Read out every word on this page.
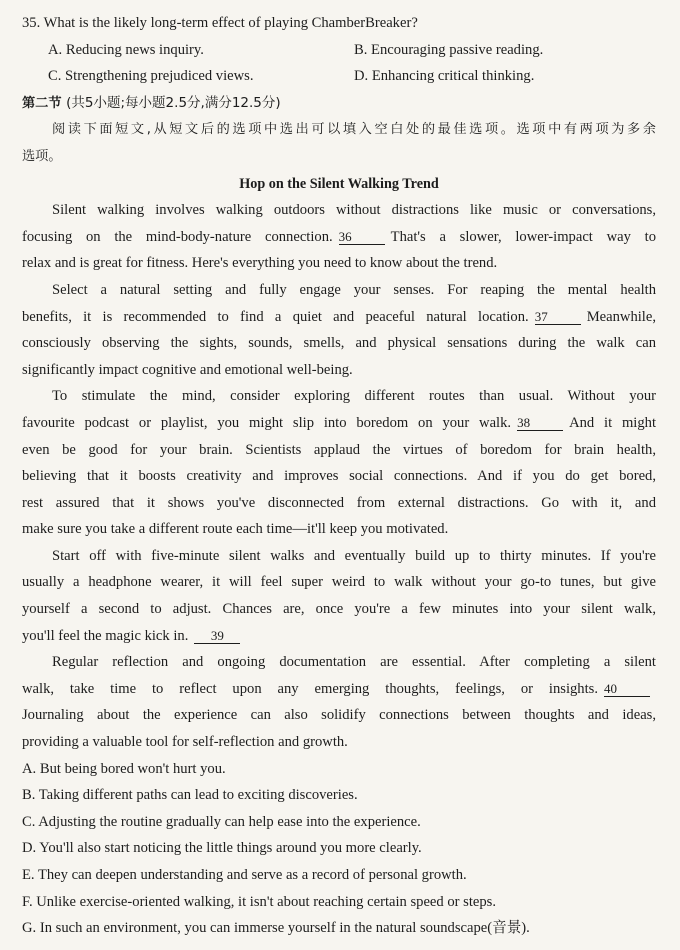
35. What is the likely long-term effect of playing ChamberBreaker?
A. Reducing news inquiry.	B. Encouraging passive reading.
C. Strengthening prejudiced views.	D. Enhancing critical thinking.
第二节 (共5小题;每小题2.5分,满分12.5分)
阅读下面短文,从短文后的选项中选出可以填入空白处的最佳选项。选项中有两项为多余
选项。
Hop on the Silent Walking Trend
Silent walking involves walking outdoors without distractions like music or conversations,
focusing on the mind-body-nature connection. 36	That's a slower, lower-impact way to
relax and is great for fitness. Here's everything you need to know about the trend.
Select a natural setting and fully engage your senses. For reaping the mental health
benefits, it is recommended to find a quiet and peaceful natural location. 37	Meanwhile,
consciously observing the sights, sounds, smells, and physical sensations during the walk can
significantly impact cognitive and emotional well-being.
To stimulate the mind, consider exploring different routes than usual. Without your
favourite podcast or playlist, you might slip into boredom on your walk. 38	And it might
even be good for your brain. Scientists applaud the virtues of boredom for brain health,
believing that it boosts creativity and improves social connections. And if you do get bored,
rest assured that it shows you've disconnected from external distractions. Go with it, and
make sure you take a different route each time—it'll keep you motivated.
Start off with five-minute silent walks and eventually build up to thirty minutes. If you're
usually a headphone wearer, it will feel super weird to walk without your go-to tunes, but give
yourself a second to adjust. Chances are, once you're a few minutes into your silent walk,
you'll feel the magic kick in. 39
Regular reflection and ongoing documentation are essential. After completing a silent
walk, take time to reflect upon any emerging thoughts, feelings, or insights. 40
Journaling about the experience can also solidify connections between thoughts and ideas,
providing a valuable tool for self-reflection and growth.
A. But being bored won't hurt you.
B. Taking different paths can lead to exciting discoveries.
C. Adjusting the routine gradually can help ease into the experience.
D. You'll also start noticing the little things around you more clearly.
E. They can deepen understanding and serve as a record of personal growth.
F. Unlike exercise-oriented walking, it isn't about reaching certain speed or steps.
G. In such an environment, you can immerse yourself in the natural soundscape(音景).
